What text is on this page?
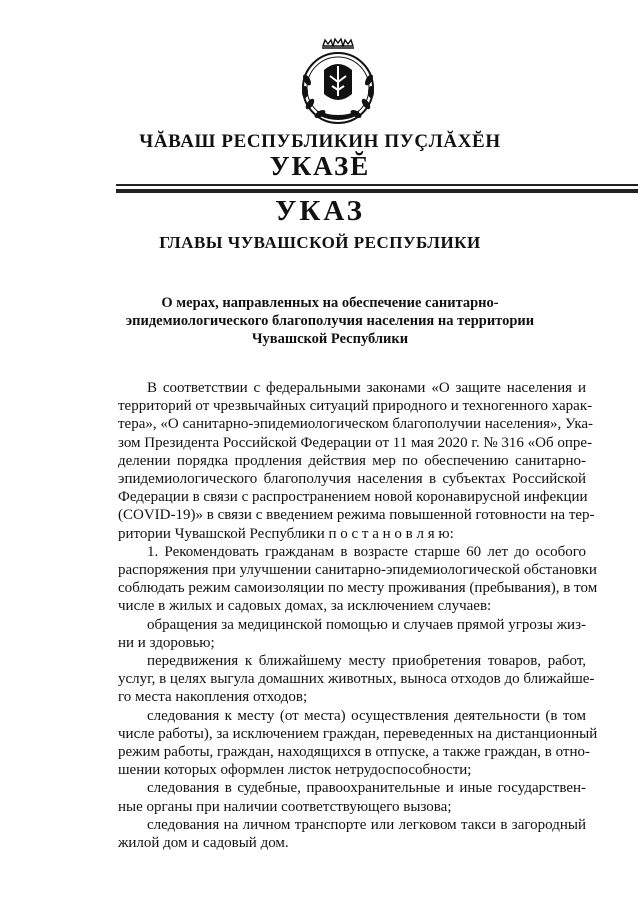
ЧĂВАШ РЕСПУБЛИКИН ПУÇЛĂХĔН
УКАЗĔ
УКАЗ
ГЛАВЫ ЧУВАШСКОЙ РЕСПУБЛИКИ
О мерах, направленных на обеспечение санитарно-
эпидемиологического благополучия населения на территории
Чувашской Республики
В соответствии с федеральными законами «О защите населения и
территорий от чрезвычайных ситуаций природного и техногенного харак-
тера», «О санитарно-эпидемиологическом благополучии населения», Ука-
зом Президента Российской Федерации от 11 мая 2020 г. № 316 «Об опре-
делении порядка продления действия мер по обеспечению санитарно-
эпидемиологического благополучия населения в субъектах Российской
Федерации в связи с распространением новой коронавирусной инфекции
(COVID-19)» в связи с введением режима повышенной готовности на тер-
ритории Чувашской Республики п о с т а н о в л я ю:
1. Рекомендовать гражданам в возрасте старше 60 лет до особого
распоряжения при улучшении санитарно-эпидемиологической обстановки
соблюдать режим самоизоляции по месту проживания (пребывания), в том
числе в жилых и садовых домах, за исключением случаев:
обращения за медицинской помощью и случаев прямой угрозы жиз-
ни и здоровью;
передвижения к ближайшему месту приобретения товаров, работ,
услуг, в целях выгула домашних животных, выноса отходов до ближайше-
го места накопления отходов;
следования к месту (от места) осуществления деятельности (в том
числе работы), за исключением граждан, переведенных на дистанционный
режим работы, граждан, находящихся в отпуске, а также граждан, в отно-
шении которых оформлен листок нетрудоспособности;
следования в судебные, правоохранительные и иные государствен-
ные органы при наличии соответствующего вызова;
следования на личном транспорте или легковом такси в загородный
жилой дом и садовый дом.
